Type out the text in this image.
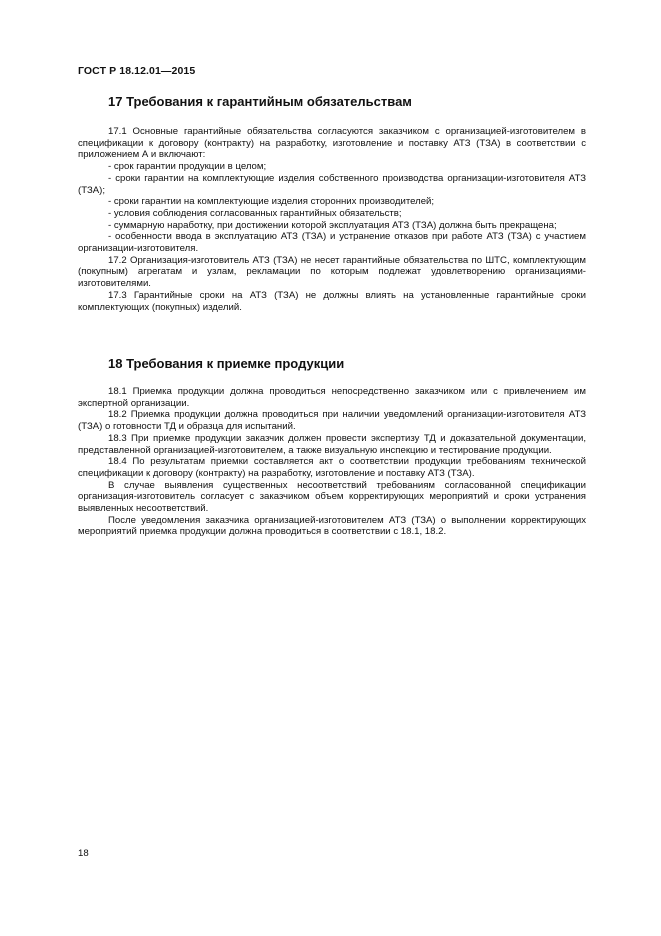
ГОСТ Р 18.12.01—2015
17 Требования к гарантийным обязательствам

17.1 Основные гарантийные обязательства согласуются заказчиком с организацией-изготовителем в спецификации к договору (контракту) на разработку, изготовление и поставку АТЗ (ТЗА) в соответствии с приложением А и включают:

- срок гарантии продукции в целом;

- сроки гарантии на комплектующие изделия собственного производства организации-изготовителя АТЗ (ТЗА);

- сроки гарантии на комплектующие изделия сторонних производителей;

- условия соблюдения согласованных гарантийных обязательств;

- суммарную наработку, при достижении которой эксплуатация АТЗ (ТЗА) должна быть прекращена;

- особенности ввода в эксплуатацию АТЗ (ТЗА) и устранение отказов при работе АТЗ (ТЗА) с участием организации-изготовителя.

17.2 Организация-изготовитель АТЗ (ТЗА) не несет гарантийные обязательства по ШТС, комплектующим (покупным) агрегатам и узлам, рекламации по которым подлежат удовлетворению организациями-изготовителями.

17.3 Гарантийные сроки на АТЗ (ТЗА) не должны влиять на установленные гарантийные сроки комплектующих (покупных) изделий.

18 Требования к приемке продукции

18.1 Приемка продукции должна проводиться непосредственно заказчиком или с привлечением им экспертной организации.

18.2 Приемка продукции должна проводиться при наличии уведомлений организации-изготовителя АТЗ (ТЗА) о готовности ТД и образца для испытаний.

18.3 При приемке продукции заказчик должен провести экспертизу ТД и доказательной документации, представленной организацией-изготовителем, а также визуальную инспекцию и тестирование продукции.

18.4 По результатам приемки составляется акт о соответствии продукции требованиям технической спецификации к договору (контракту) на разработку, изготовление и поставку АТЗ (ТЗА).

В случае выявления существенных несоответствий требованиям согласованной спецификации организация-изготовитель согласует с заказчиком объем корректирующих мероприятий и сроки устранения выявленных несоответствий.

После уведомления заказчика организацией-изготовителем АТЗ (ТЗА) о выполнении корректирующих мероприятий приемка продукции должна проводиться в соответствии с 18.1, 18.2.

18
